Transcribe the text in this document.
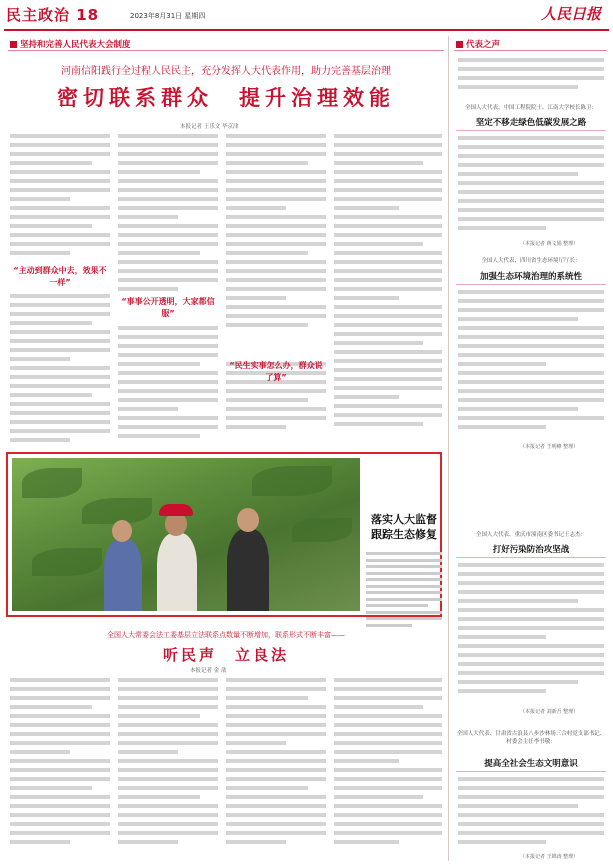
民主政治 18	2023年8月31日 星期四	人民日报
坚持和完善人民代表大会制度
河南信阳践行全过程人民民主，充分发挥人大代表作用，助力完善基层治理
密切联系群众　提升治理效能
本报记者 王乐文 毕京津
“主动到群众中去，效果不一样”
“事事公开透明，大家都信服”
“民生实事怎么办，群众说了算”
落实人大监督　跟踪生态修复
全国人大常委会法工委基层立法联系点数量不断增加，联系形式不断丰富——
听民声　立良法
本报记者 金 歆
代表之声
全国人大代表、中国工程院院士、江南大学校长陈卫：
坚定不移走绿色低碳发展之路
（本报记者 蒋文娟 整理）
全国人大代表、四川省生态环境厅厅长：
加强生态环境治理的系统性
（本报记者 王明峰 整理）
全国人大代表、重庆市潼南区委书记王志杰：
打好污染防治攻坚战
（本报记者 刘新吾 整理）
全国人大代表、甘肃省古浪县八步沙林场三合村党支部书记、村委会主任李书敬：
提高全社会生态文明意识
（本报记者 王锦涛 整理）
